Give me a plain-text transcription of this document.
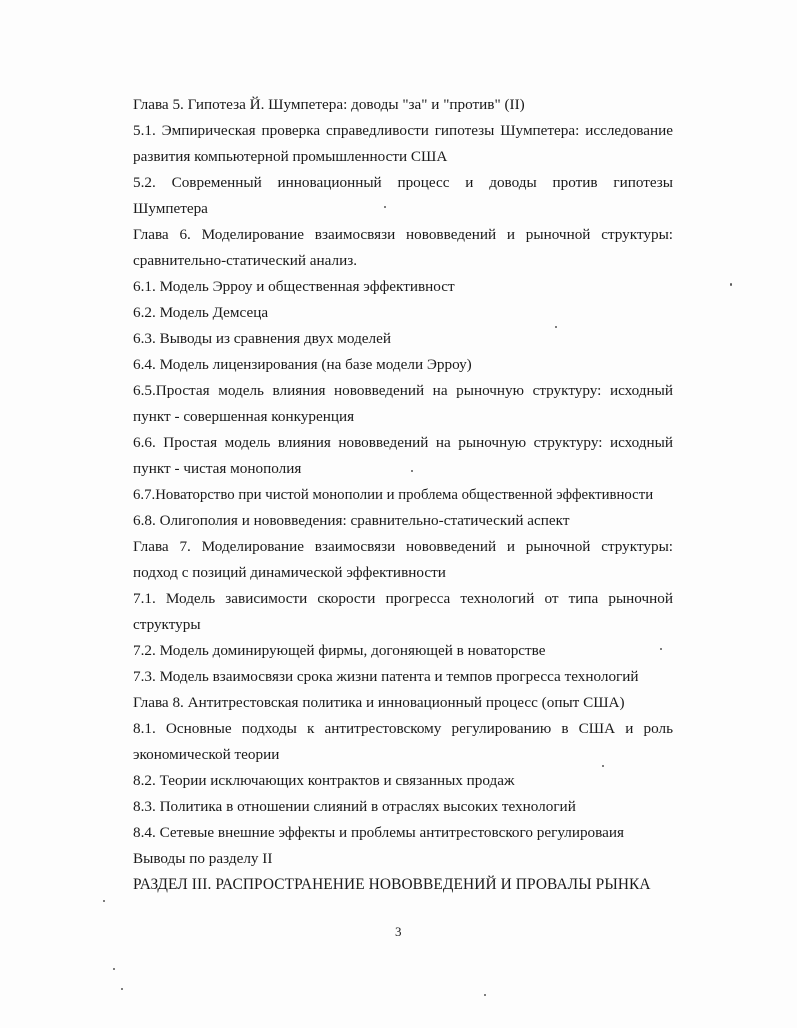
Глава 5. Гипотеза Й. Шумпетера: доводы "за" и "против" (II)
5.1. Эмпирическая проверка справедливости гипотезы Шумпетера: исследование
развития компьютерной промышленности США
5.2. Современный инновационный процесс и доводы против гипотезы
Шумпетера
Глава 6. Моделирование взаимосвязи нововведений и рыночной структуры:
сравнительно-статический анализ.
6.1. Модель Эрроу и общественная эффективност
6.2. Модель Демсеца
6.3. Выводы из сравнения двух моделей
6.4. Модель лицензирования (на базе модели Эрроу)
6.5.Простая модель влияния нововведений на рыночную структуру: исходный
пункт - совершенная конкуренция
6.6. Простая модель влияния нововведений на рыночную структуру: исходный
пункт - чистая монополия
6.7.Новаторство при чистой монополии и проблема общественной эффективности
6.8. Олигополия и нововведения: сравнительно-статический аспект
Глава 7. Моделирование взаимосвязи нововведений и рыночной структуры:
подход с позиций динамической эффективности
7.1. Модель зависимости скорости прогресса технологий от типа рыночной
структуры
7.2. Модель доминирующей фирмы, догоняющей в новаторстве
7.3. Модель взаимосвязи срока жизни патента и темпов прогресса технологий
Глава 8. Антитрестовская политика и инновационный процесс (опыт США)
8.1. Основные подходы к антитрестовскому регулированию в США и роль
экономической теории
8.2. Теории исключающих контрактов и связанных продаж
8.3. Политика в отношении слияний в отраслях высоких технологий
8.4. Сетевые внешние эффекты и проблемы антитрестовского регулироваия
Выводы по разделу II
РАЗДЕЛ III. РАСПРОСТРАНЕНИЕ НОВОВВЕДЕНИЙ И ПРОВАЛЫ РЫНКА
3
